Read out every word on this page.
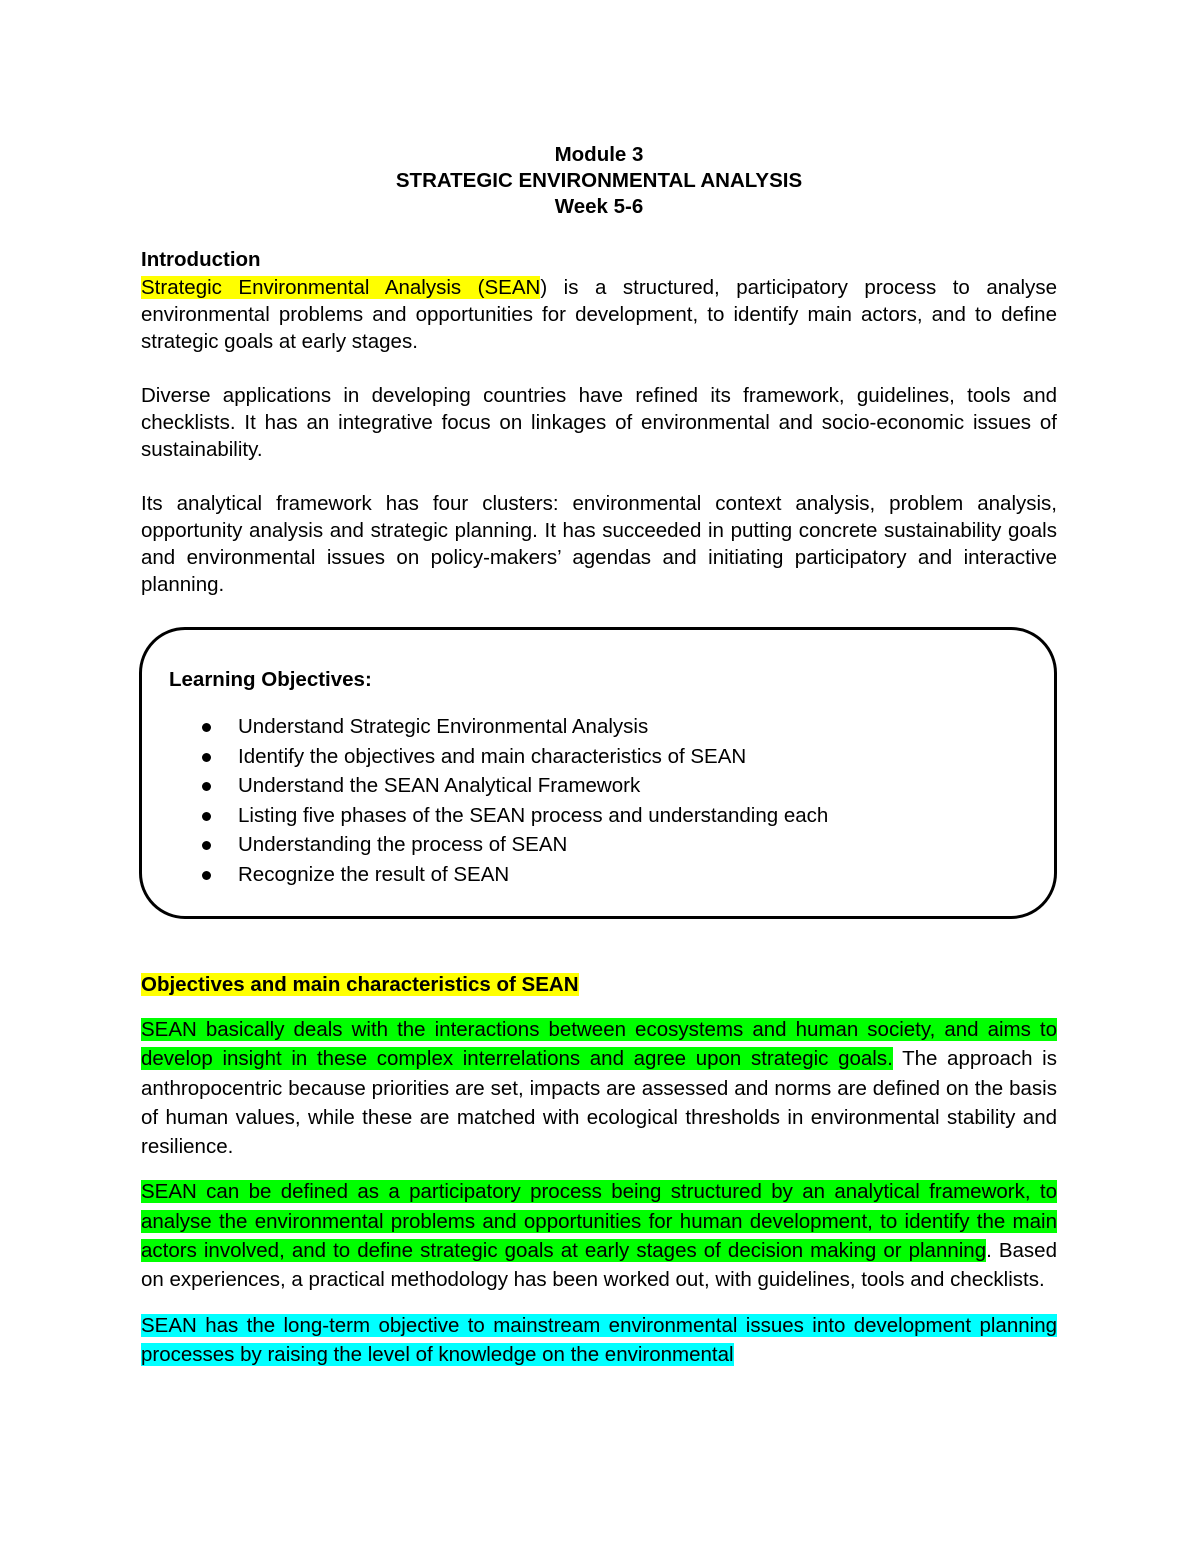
Module 3
STRATEGIC ENVIRONMENTAL ANALYSIS
Week 5-6
Introduction

Strategic Environmental Analysis (SEAN) is a structured, participatory process to analyse environmental problems and opportunities for development, to identify main actors, and to define strategic goals at early stages.

Diverse applications in developing countries have refined its framework, guidelines, tools and checklists. It has an integrative focus on linkages of environmental and socio-economic issues of sustainability.

Its analytical framework has four clusters: environmental context analysis, problem analysis, opportunity analysis and strategic planning. It has succeeded in putting concrete sustainability goals and environmental issues on policy-makers’ agendas and initiating participatory and interactive planning.

Learning Objectives:
Understand Strategic Environmental Analysis
Identify the objectives and main characteristics of SEAN
Understand the SEAN Analytical Framework
Listing five phases of the SEAN process and understanding each
Understanding the process of SEAN
Recognize the result of SEAN
Objectives and main characteristics of SEAN

SEAN basically deals with the interactions between ecosystems and human society, and aims to develop insight in these complex interrelations and agree upon strategic goals. The approach is anthropocentric because priorities are set, impacts are assessed and norms are defined on the basis of human values, while these are matched with ecological thresholds in environmental stability and resilience.

SEAN can be defined as a participatory process being structured by an analytical framework, to analyse the environmental problems and opportunities for human development, to identify the main actors involved, and to define strategic goals at early stages of decision making or planning. Based on experiences, a practical methodology has been worked out, with guidelines, tools and checklists.

SEAN has the long-term objective to mainstream environmental issues into development planning processes by raising the level of knowledge on the environmental
